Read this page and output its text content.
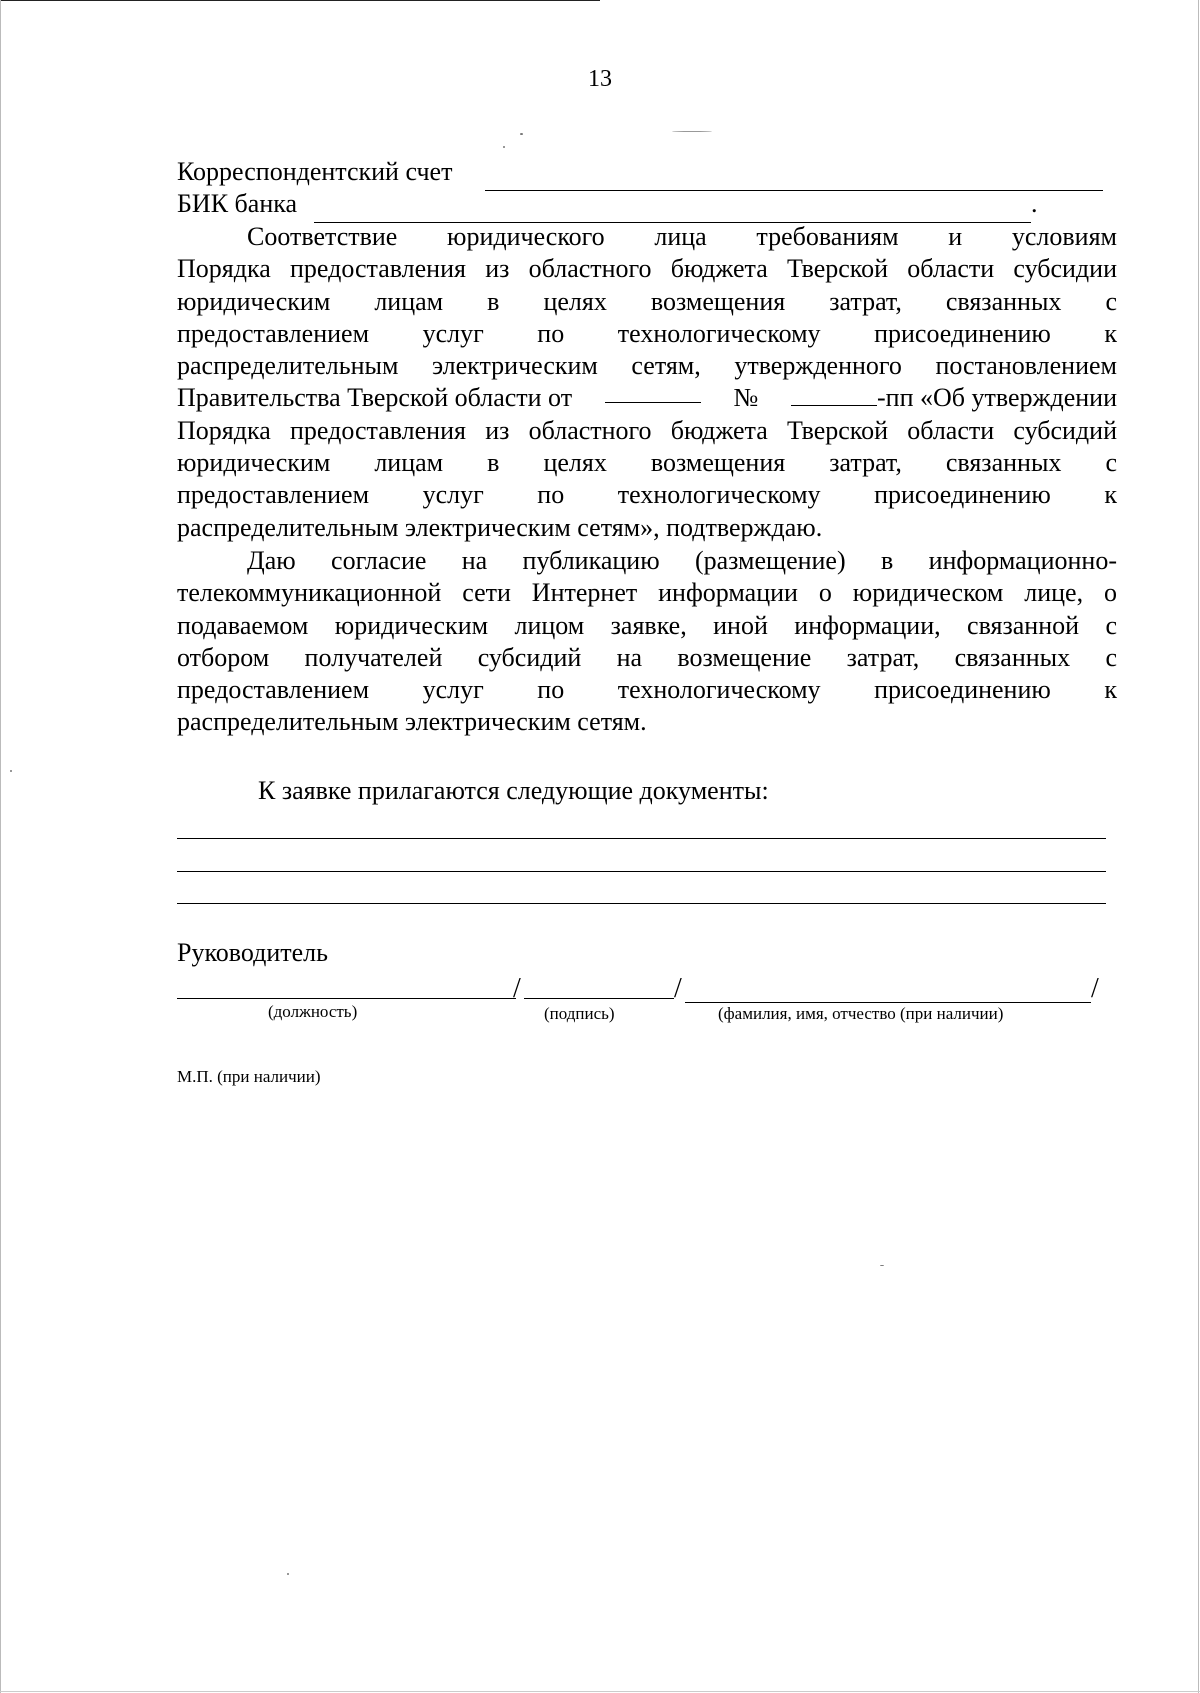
13
Корреспондентский счет
БИК банка	.
Соответствие юридического лица требованиям и условиям
Порядка предоставления из областного бюджета Тверской области субсидии
юридическим лицам в целях возмещения затрат, связанных с
предоставлением услуг по технологическому присоединению к
распределительным электрическим сетям, утвержденного постановлением
Правительства Тверской области от	№	-пп «Об утверждении
Порядка предоставления из областного бюджета Тверской области субсидий
юридическим лицам в целях возмещения затрат, связанных с
предоставлением услуг по технологическому присоединению к
распределительным электрическим сетям», подтверждаю.
Даю согласие на публикацию (размещение) в информационно-
телекоммуникационной сети Интернет информации о юридическом лице, о
подаваемом юридическим лицом заявке, иной информации, связанной с
отбором получателей субсидий на возмещение затрат, связанных с
предоставлением услуг по технологическому присоединению к
распределительным электрическим сетям.
К заявке прилагаются следующие документы:
Руководитель
/	/	/
(должность)	(подпись)	(фамилия, имя, отчество (при наличии)
М.П. (при наличии)
